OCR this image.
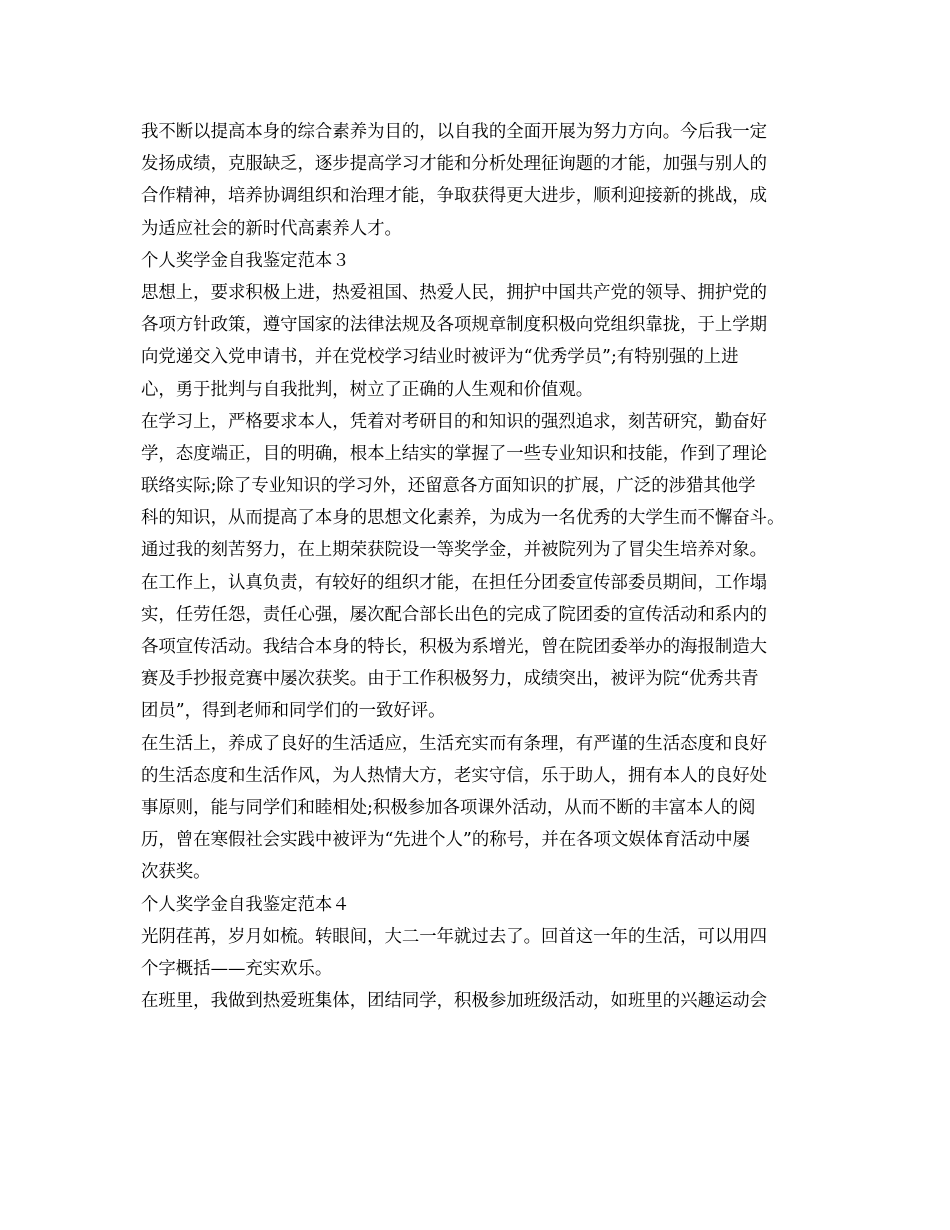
我不断以提高本身的综合素养为目的，以自我的全面开展为努力方向。今后我一定
发扬成绩，克服缺乏，逐步提高学习才能和分析处理征询题的才能，加强与别人的
合作精神，培养协调组织和治理才能，争取获得更大进步，顺利迎接新的挑战，成
为适应社会的新时代高素养人才。
个人奖学金自我鉴定范本３
思想上，要求积极上进，热爱祖国、热爱人民，拥护中国共产党的领导、拥护党的
各项方针政策，遵守国家的法律法规及各项规章制度积极向党组织靠拢，于上学期
向党递交入党申请书，并在党校学习结业时被评为“优秀学员”;有特别强的上进
心，勇于批判与自我批判，树立了正确的人生观和价值观。
在学习上，严格要求本人，凭着对考研目的和知识的强烈追求，刻苦研究，勤奋好
学，态度端正，目的明确，根本上结实的掌握了一些专业知识和技能，作到了理论
联络实际;除了专业知识的学习外，还留意各方面知识的扩展，广泛的涉猎其他学
科的知识，从而提高了本身的思想文化素养，为成为一名优秀的大学生而不懈奋斗。
通过我的刻苦努力，在上期荣获院设一等奖学金，并被院列为了冒尖生培养对象。
在工作上，认真负责，有较好的组织才能，在担任分团委宣传部委员期间，工作塌
实，任劳任怨，责任心强，屡次配合部长出色的完成了院团委的宣传活动和系内的
各项宣传活动。我结合本身的特长，积极为系增光，曾在院团委举办的海报制造大
赛及手抄报竞赛中屡次获奖。由于工作积极努力，成绩突出，被评为院“优秀共青
团员”，得到老师和同学们的一致好评。
在生活上，养成了良好的生活适应，生活充实而有条理，有严谨的生活态度和良好
的生活态度和生活作风，为人热情大方，老实守信，乐于助人，拥有本人的良好处
事原则，能与同学们和睦相处;积极参加各项课外活动，从而不断的丰富本人的阅
历，曾在寒假社会实践中被评为“先进个人”的称号，并在各项文娱体育活动中屡
次获奖。
个人奖学金自我鉴定范本４
光阴荏苒，岁月如梳。转眼间，大二一年就过去了。回首这一年的生活，可以用四
个字概括——充实欢乐。
在班里，我做到热爱班集体，团结同学，积极参加班级活动，如班里的兴趣运动会
